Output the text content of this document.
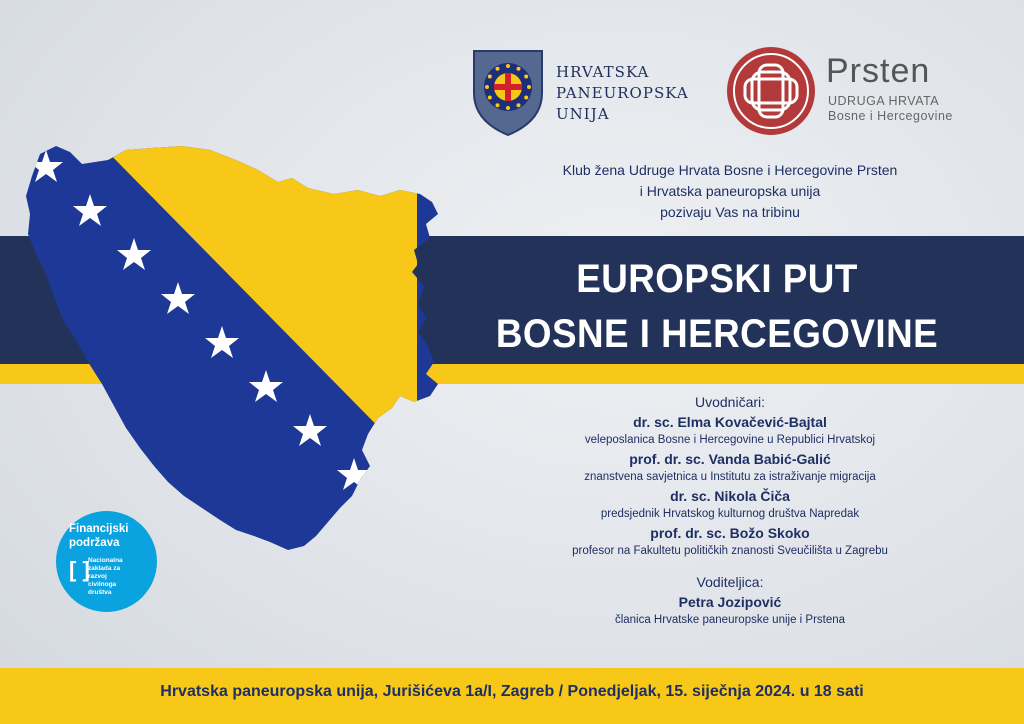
HRVATSKA
PANEUROPSKA
UNIJA
Prsten
UDRUGA HRVATA
Bosne i Hercegovine
Klub žena Udruge Hrvata Bosne i Hercegovine Prsten
i Hrvatska paneuropska unija
pozivaju Vas na tribinu
EUROPSKI PUT
BOSNE I HERCEGOVINE
Uvodničari:
dr. sc. Elma Kovačević-Bajtal
veleposlanica Bosne i Hercegovine u Republici Hrvatskoj
prof. dr. sc. Vanda Babić-Galić
znanstvena savjetnica u Institutu za istraživanje migracija
dr. sc. Nikola Čiča
predsjednik Hrvatskog kulturnog društva Napredak
prof. dr. sc. Božo Skoko
profesor na Fakultetu političkih znanosti Sveučilišta u Zagrebu
Voditeljica:
Petra Jozipović
članica Hrvatske paneuropske unije i Prstena
Financijski
podržava
[ ]
Nacionalna
zaklada za
razvoj
civilnoga
društva
Hrvatska paneuropska unija, Jurišićeva 1a/I, Zagreb / Ponedjeljak, 15. siječnja 2024. u 18 sati
